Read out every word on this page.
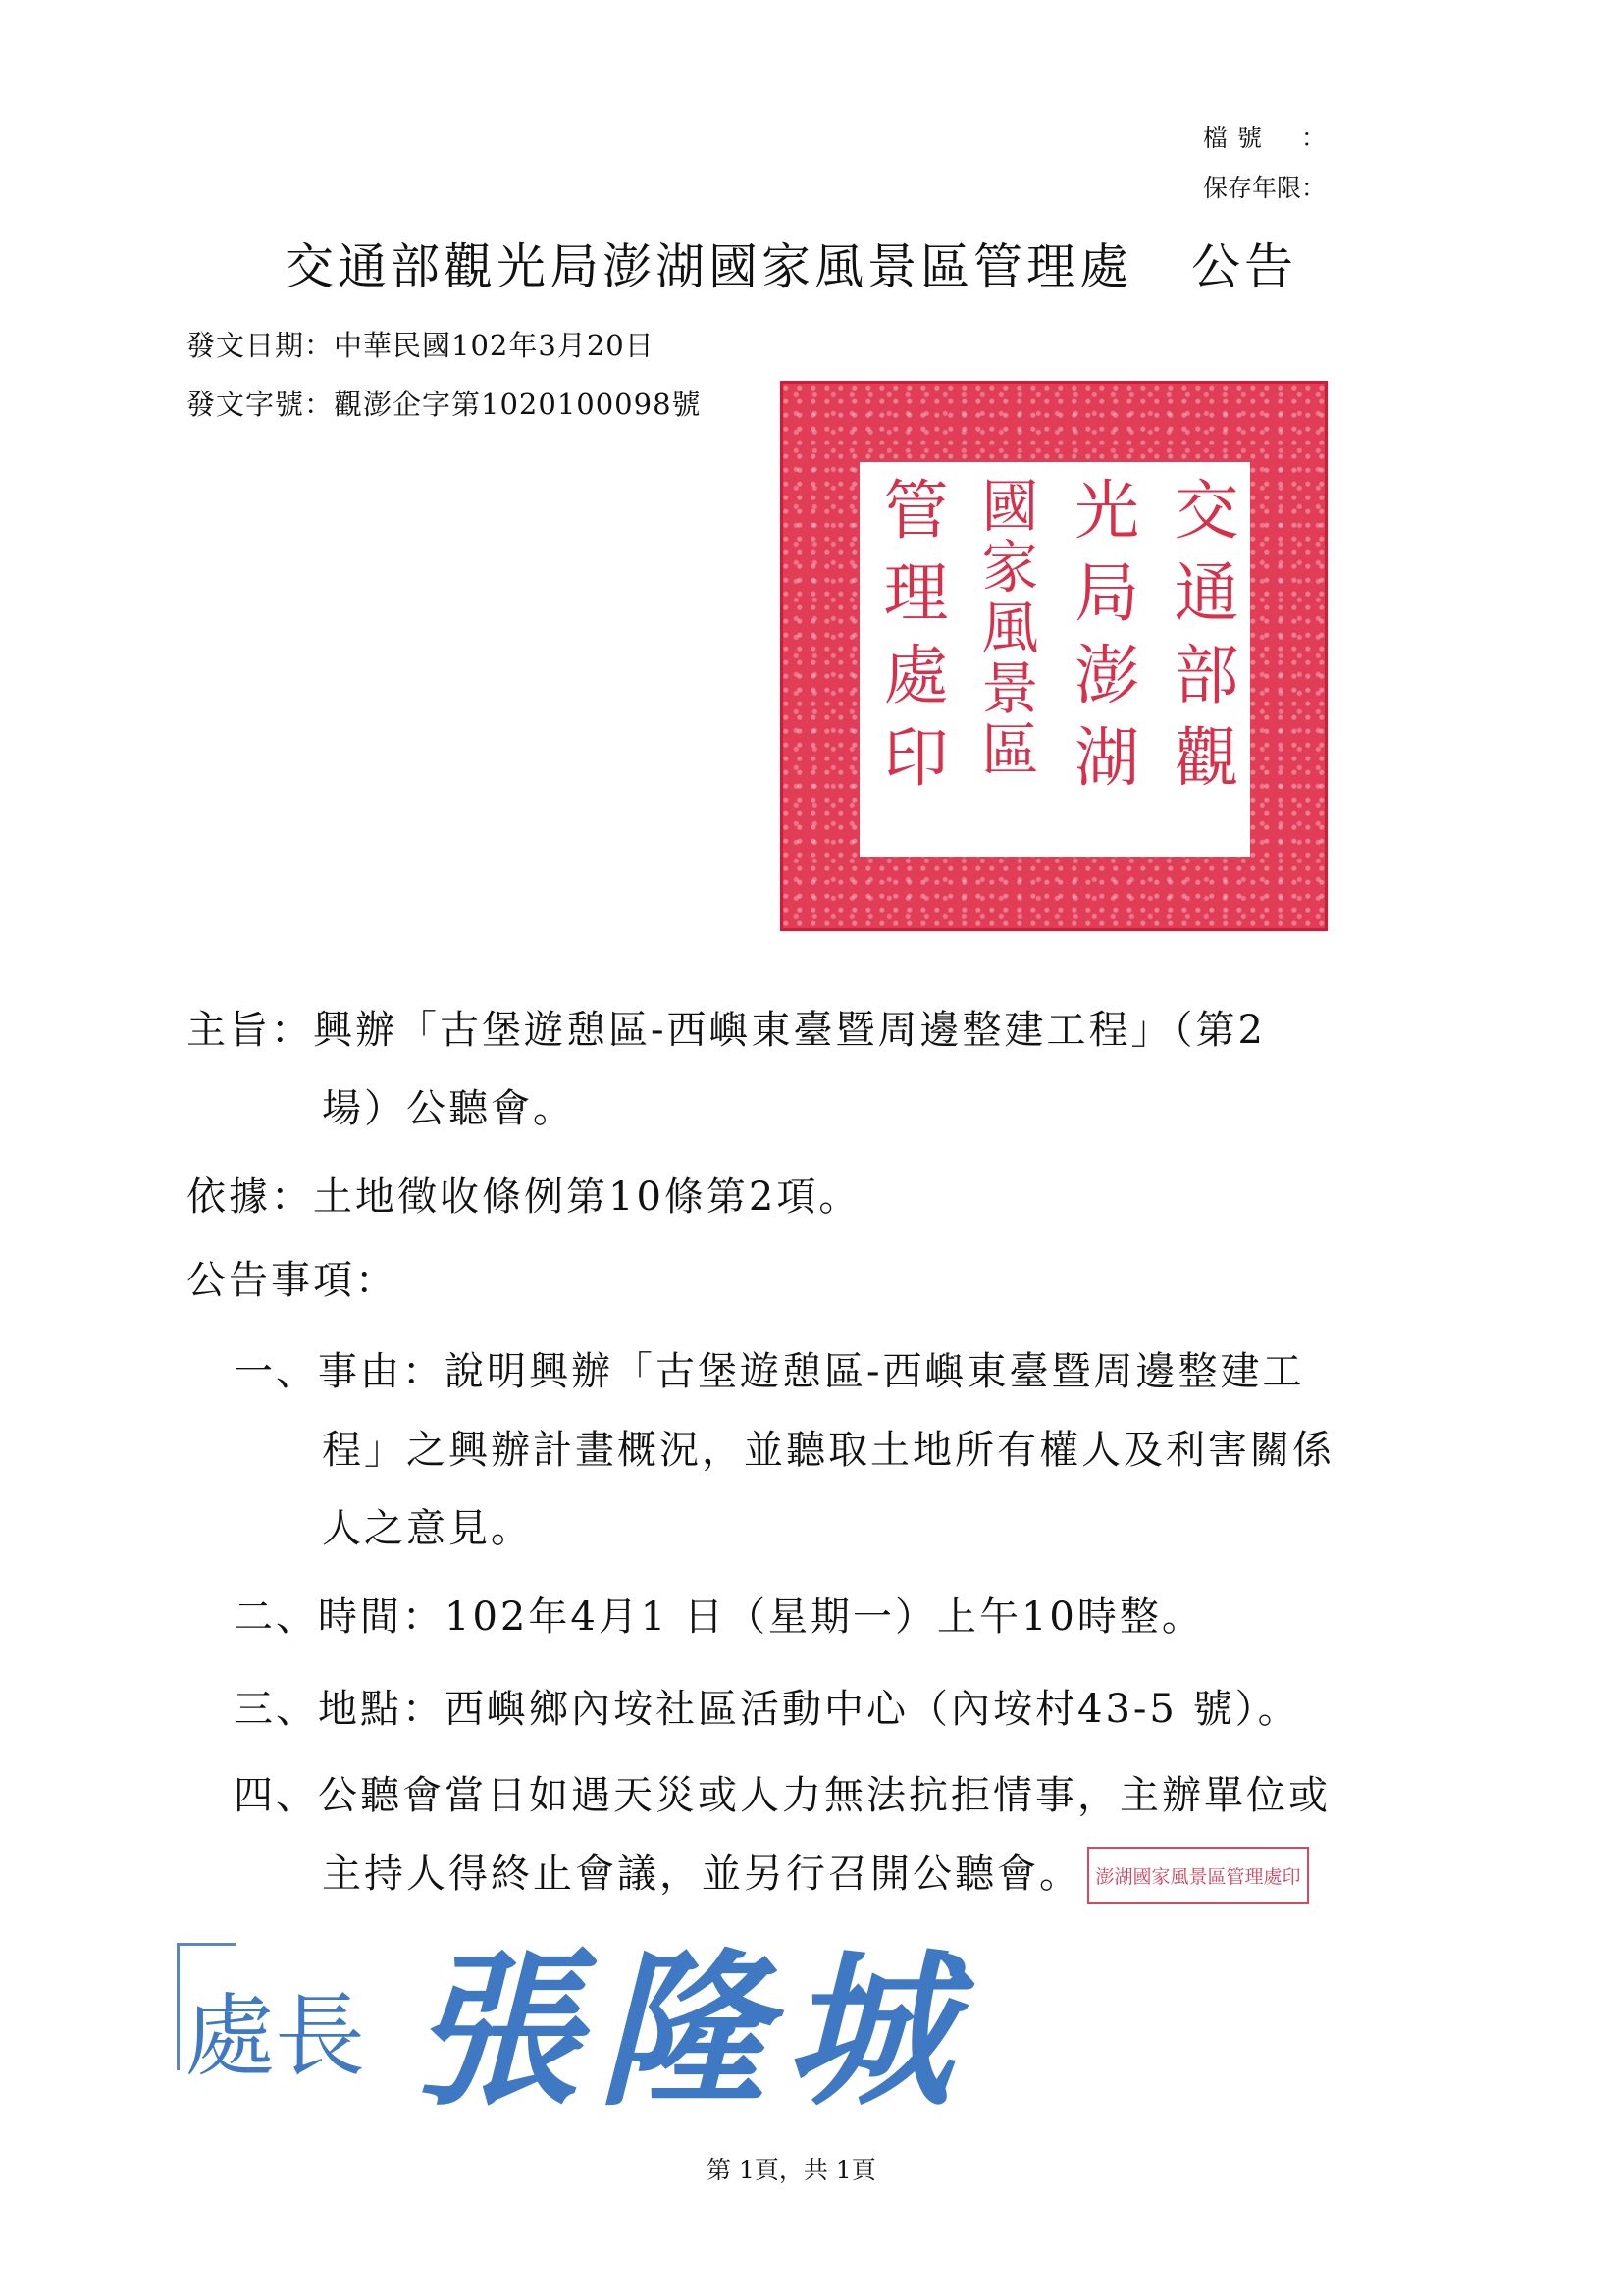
檔號 ：
保存年限 ：
交通部觀光局澎湖國家風景區管理處 公告
發文日期：中華民國102年3月20日
發文字號：觀澎企字第1020100098號
交通部觀
光局澎湖
國家風景區
管理處印
主旨：興辦「古堡遊憩區-西嶼東臺暨周邊整建工程」（第2
場）公聽會。
依據：土地徵收條例第10條第2項。
公告事項：
一、事由：說明興辦「古堡遊憩區-西嶼東臺暨周邊整建工
程」之興辦計畫概況，並聽取土地所有權人及利害關係
人之意見。
二、時間：102年4月1 日（星期一）上午10時整。
三、地點：西嶼鄉內垵社區活動中心（內垵村43-5 號）。
四、公聽會當日如遇天災或人力無法抗拒情事，主辦單位或
主持人得終止會議，並另行召開公聽會。 澎湖國家風景區管理處印
處長 張隆城
第 1頁，共 1頁
